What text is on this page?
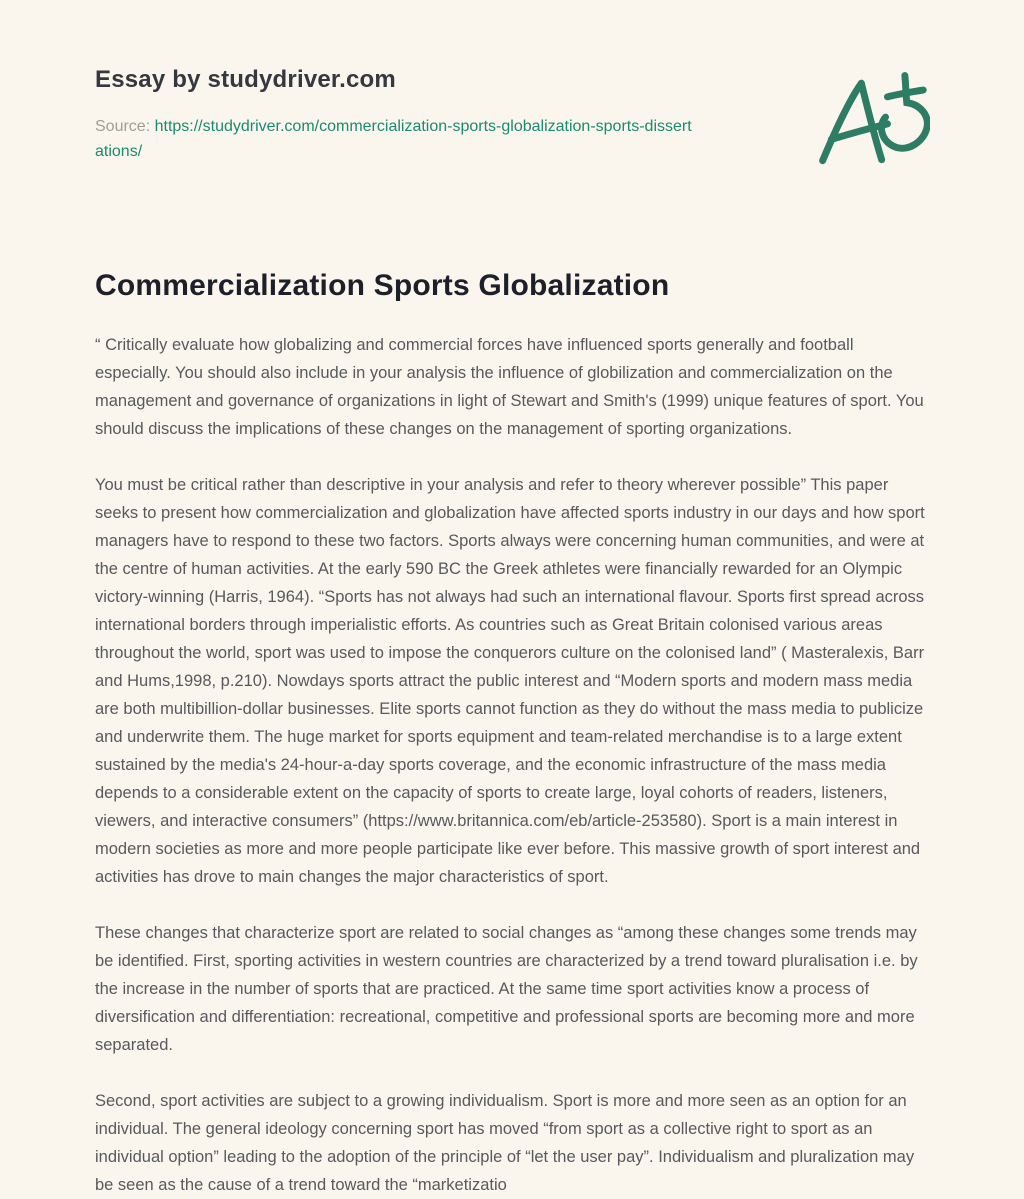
Essay by studydriver.com
Source: https://studydriver.com/commercialization-sports-globalization-sports-dissertations/
Commercialization Sports Globalization

“ Critically evaluate how globalizing and commercial forces have influenced sports generally and football especially. You should also include in your analysis the influence of globilization and commercialization on the management and governance of organizations in light of Stewart and Smith's (1999) unique features of sport. You should discuss the implications of these changes on the management of sporting organizations.

You must be critical rather than descriptive in your analysis and refer to theory wherever possible” This paper seeks to present how commercialization and globalization have affected sports industry in our days and how sport managers have to respond to these two factors. Sports always were concerning human communities, and were at the centre of human activities. At the early 590 BC the Greek athletes were financially rewarded for an Olympic victory-winning (Harris, 1964). “Sports has not always had such an international flavour. Sports first spread across international borders through imperialistic efforts. As countries such as Great Britain colonised various areas throughout the world, sport was used to impose the conquerors culture on the colonised land” ( Masteralexis, Barr and Hums,1998, p.210). Nowdays sports attract the public interest and “Modern sports and modern mass media are both multibillion-dollar businesses. Elite sports cannot function as they do without the mass media to publicize and underwrite them. The huge market for sports equipment and team-related merchandise is to a large extent sustained by the media's 24-hour-a-day sports coverage, and the economic infrastructure of the mass media depends to a considerable extent on the capacity of sports to create large, loyal cohorts of readers, listeners, viewers, and interactive consumers” (https://www.britannica.com/eb/article-253580). Sport is a main interest in modern societies as more and more people participate like ever before. This massive growth of sport interest and activities has drove to main changes the major characteristics of sport.

These changes that characterize sport are related to social changes as “among these changes some trends may be identified. First, sporting activities in western countries are characterized by a trend toward pluralisation i.e. by the increase in the number of sports that are practiced. At the same time sport activities know a process of diversification and differentiation: recreational, competitive and professional sports are becoming more and more separated.

Second, sport activities are subject to a growing individualism. Sport is more and more seen as an option for an individual. The general ideology concerning sport has moved “from sport as a collective right to sport as an individual option” leading to the adoption of the principle of “let the user pay”. Individualism and pluralization may be seen as the cause of a trend toward the “marketizatio
